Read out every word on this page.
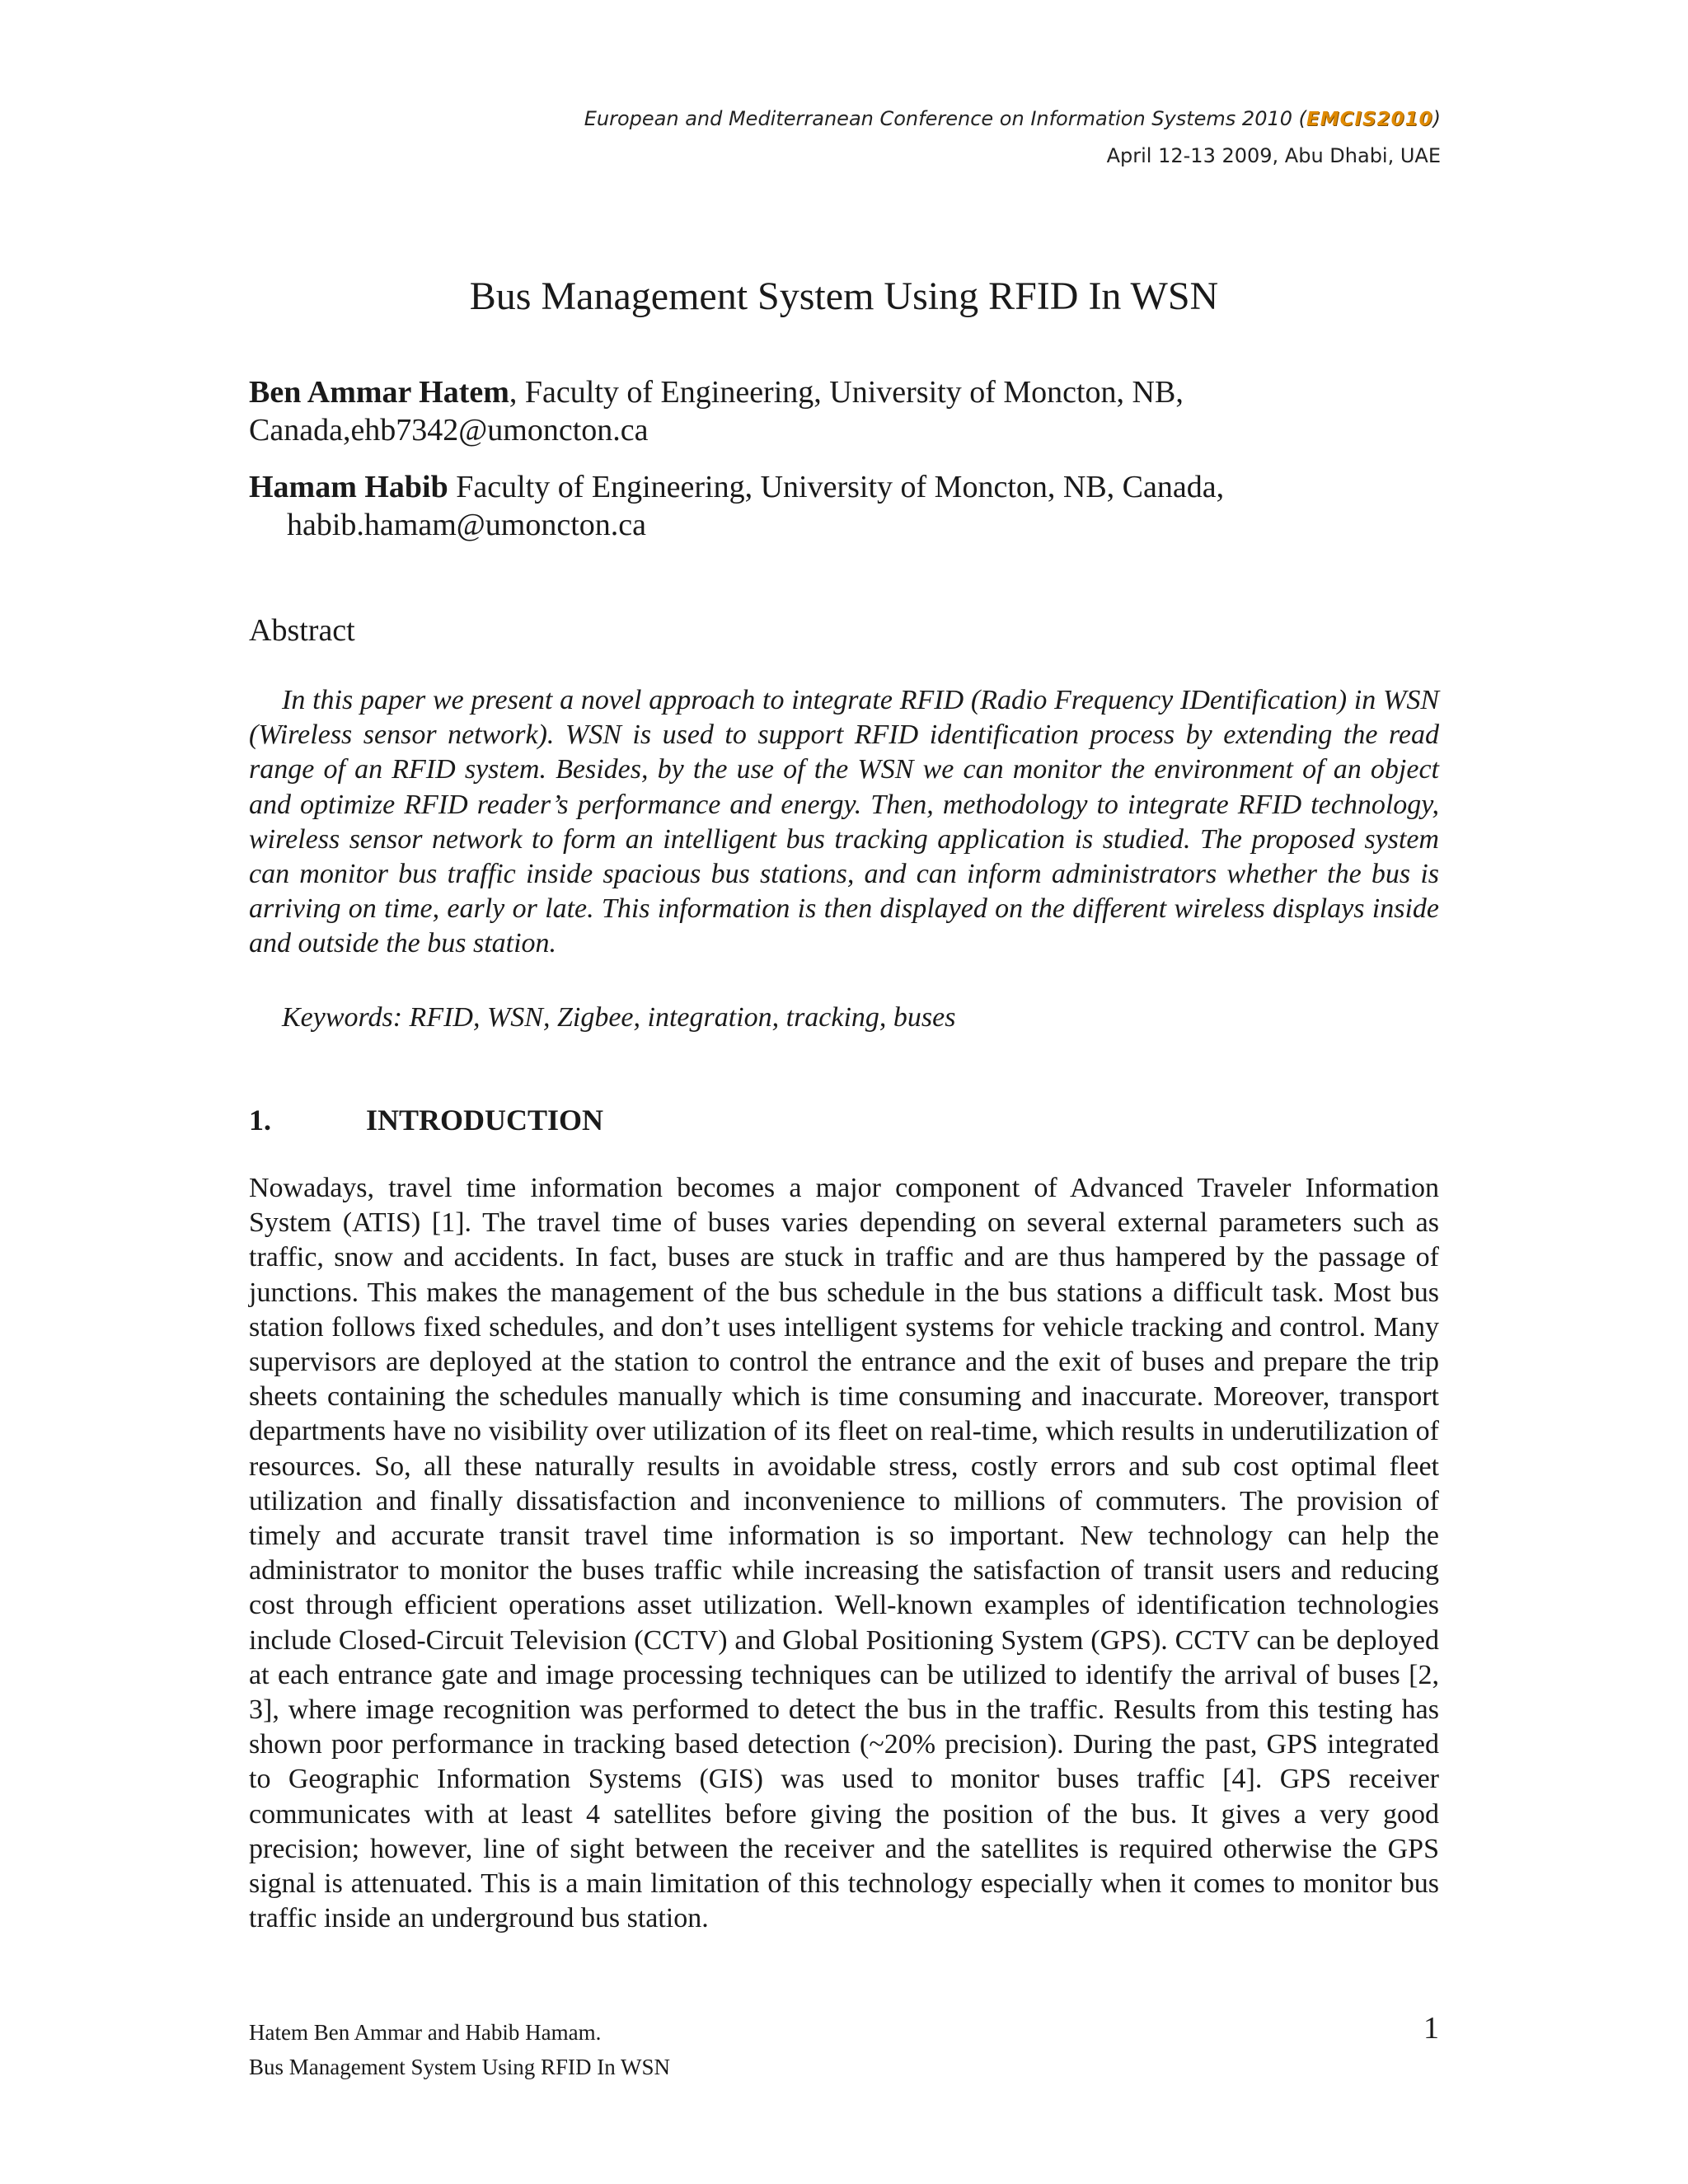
European and Mediterranean Conference on Information Systems 2010 (EMCIS2010)
April 12-13 2009, Abu Dhabi, UAE
Bus Management System Using RFID In WSN
Ben Ammar Hatem, Faculty of Engineering, University of Moncton, NB,
Canada,ehb7342@umoncton.ca
Hamam Habib Faculty of Engineering, University of Moncton, NB, Canada,
habib.hamam@umoncton.ca
Abstract

In this paper we present a novel approach to integrate RFID (Radio Frequency IDentification) in WSN (Wireless sensor network). WSN is used to support RFID identification process by extending the read range of an RFID system. Besides, by the use of the WSN we can monitor the environment of an object and optimize RFID reader’s performance and energy. Then, methodology to integrate RFID technology, wireless sensor network to form an intelligent bus tracking application is studied. The proposed system can monitor bus traffic inside spacious bus stations, and can inform administrators whether the bus is arriving on time, early or late. This information is then displayed on the different wireless displays inside and outside the bus station.

Keywords: RFID, WSN, Zigbee, integration, tracking, buses
1.	INTRODUCTION

Nowadays, travel time information becomes a major component of Advanced Traveler Information System (ATIS) [1]. The travel time of buses varies depending on several external parameters such as traffic, snow and accidents. In fact, buses are stuck in traffic and are thus hampered by the passage of junctions. This makes the management of the bus schedule in the bus stations a difficult task. Most bus station follows fixed schedules, and don’t uses intelligent systems for vehicle tracking and control. Many supervisors are deployed at the station to control the entrance and the exit of buses and prepare the trip sheets containing the schedules manually which is time consuming and inaccurate. Moreover, transport departments have no visibility over utilization of its fleet on real-time, which results in underutilization of resources. So, all these naturally results in avoidable stress, costly errors and sub cost optimal fleet utilization and finally dissatisfaction and inconvenience to millions of commuters. The provision of timely and accurate transit travel time information is so important. New technology can help the administrator to monitor the buses traffic while increasing the satisfaction of transit users and reducing cost through efficient operations asset utilization. Well-known examples of identification technologies include Closed-Circuit Television (CCTV) and Global Positioning System (GPS). CCTV can be deployed at each entrance gate and image processing techniques can be utilized to identify the arrival of buses [2, 3], where image recognition was performed to detect the bus in the traffic. Results from this testing has shown poor performance in tracking based detection (~20% precision). During the past, GPS integrated to Geographic Information Systems (GIS) was used to monitor buses traffic [4]. GPS receiver communicates with at least 4 satellites before giving the position of the bus. It gives a very good precision; however, line of sight between the receiver and the satellites is required otherwise the GPS signal is attenuated. This is a main limitation of this technology especially when it comes to monitor bus traffic inside an underground bus station.

Hatem Ben Ammar and Habib Hamam.
Bus Management System Using RFID In WSN
1
